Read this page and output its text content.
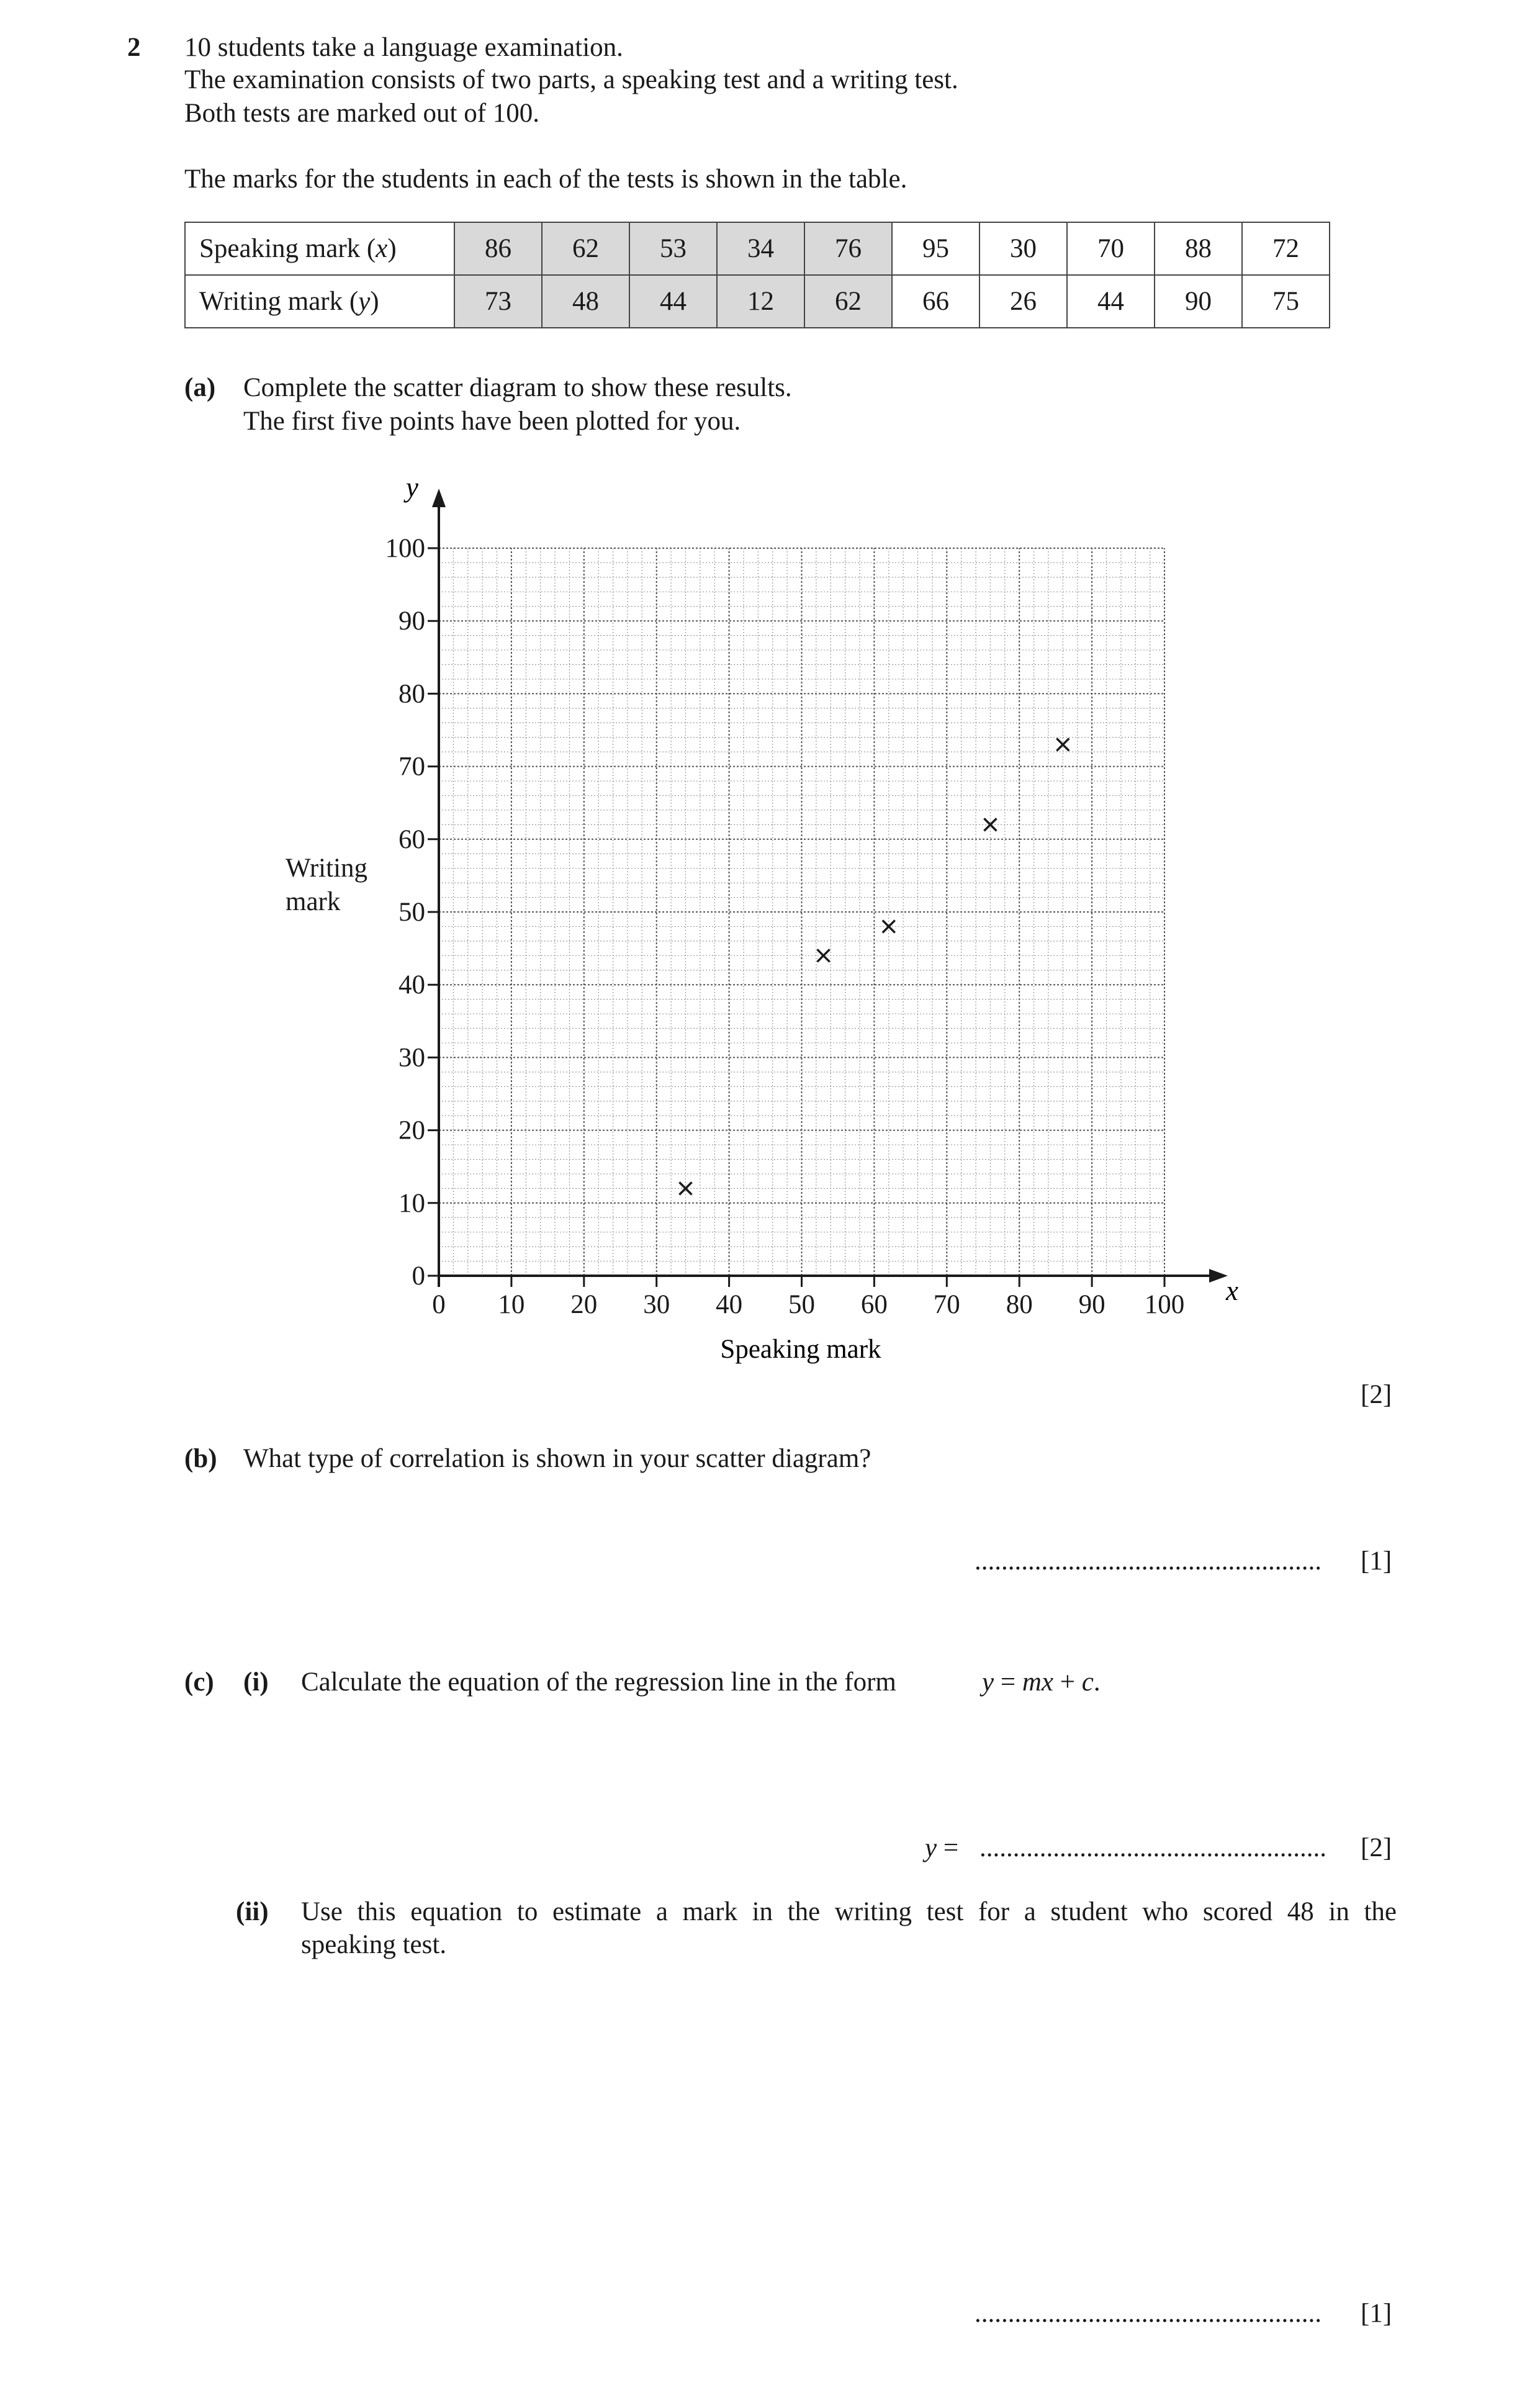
2 10 students take a language examination.
The examination consists of two parts, a speaking test and a writing test.
Both tests are marked out of 100.
The marks for the students in each of the tests is shown in the table.
Speaking mark (x)	86	62	53	34	76	95	30	70	88	72
Writing mark (y)	73	48	44	12	62	66	26	44	90	75
(a) Complete the scatter diagram to show these results.
The first five points have been plotted for you.
0 10 20 30 40 50 60 70 80 90 100
0
10
20
30
40
50
60
70
80
90
100
y
x
Speaking mark
Writing
mark
[2]
(b) What type of correlation is shown in your scatter diagram?
.................................................... [1]
(c) (i) Calculate the equation of the regression line in the form	y = mx + c.
y = .................................................... [2]
(ii) Use this equation to estimate a mark in the writing test for a student who scored 48 in the
speaking test.
.................................................... [1]
